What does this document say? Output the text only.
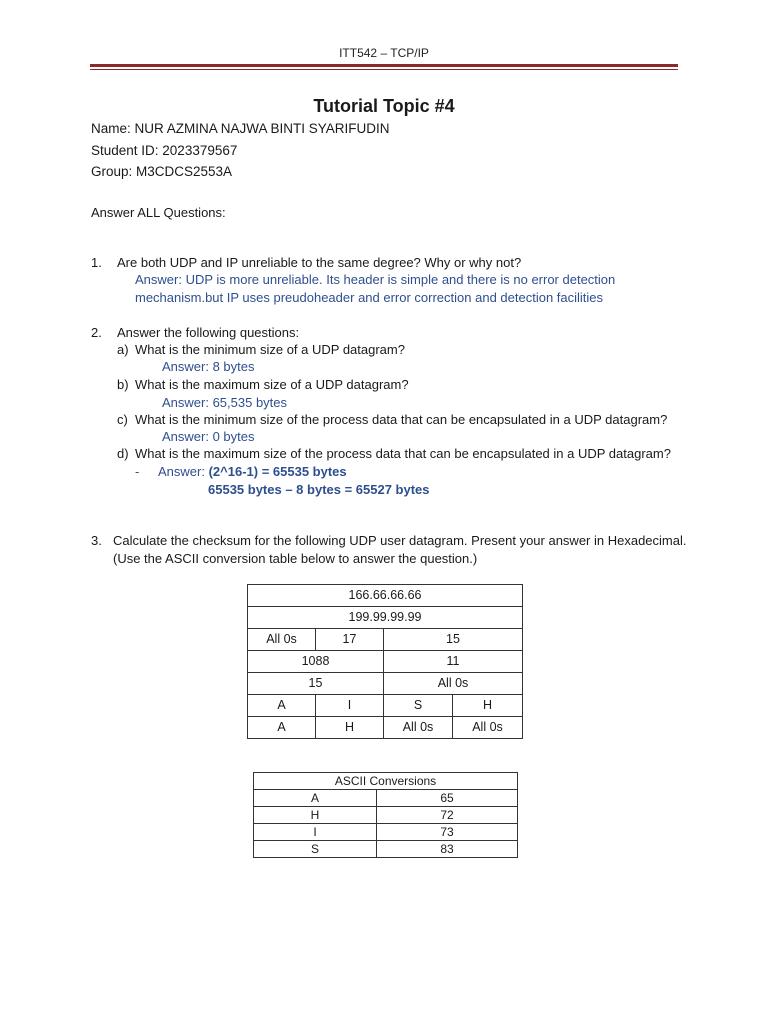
ITT542 – TCP/IP
Tutorial Topic #4
Name: NUR AZMINA NAJWA BINTI SYARIFUDIN
Student ID: 2023379567
Group: M3CDCS2553A
Answer ALL Questions:
1. Are both UDP and IP unreliable to the same degree? Why or why not?
Answer: UDP is more unreliable. Its header is simple and there is no error detection
mechanism.but IP uses preudoheader and error correction and detection facilities
2. Answer the following questions:
a) What is the minimum size of a UDP datagram?
Answer: 8 bytes
b) What is the maximum size of a UDP datagram?
Answer: 65,535 bytes
c) What is the minimum size of the process data that can be encapsulated in a UDP datagram?
Answer: 0 bytes
d) What is the maximum size of the process data that can be encapsulated in a UDP datagram?
- Answer: (2^16-1) = 65535 bytes
65535 bytes – 8 bytes = 65527 bytes
3. Calculate the checksum for the following UDP user datagram. Present your answer in Hexadecimal.
(Use the ASCII conversion table below to answer the question.)
166.66.66.66			
199.99.99.99			
All 0s	17	15	
1088		11	
15		All 0s	
A	I	S	H
A	H	All 0s	All 0s
ASCII Conversions	
A	65
H	72
I	73
S	83
